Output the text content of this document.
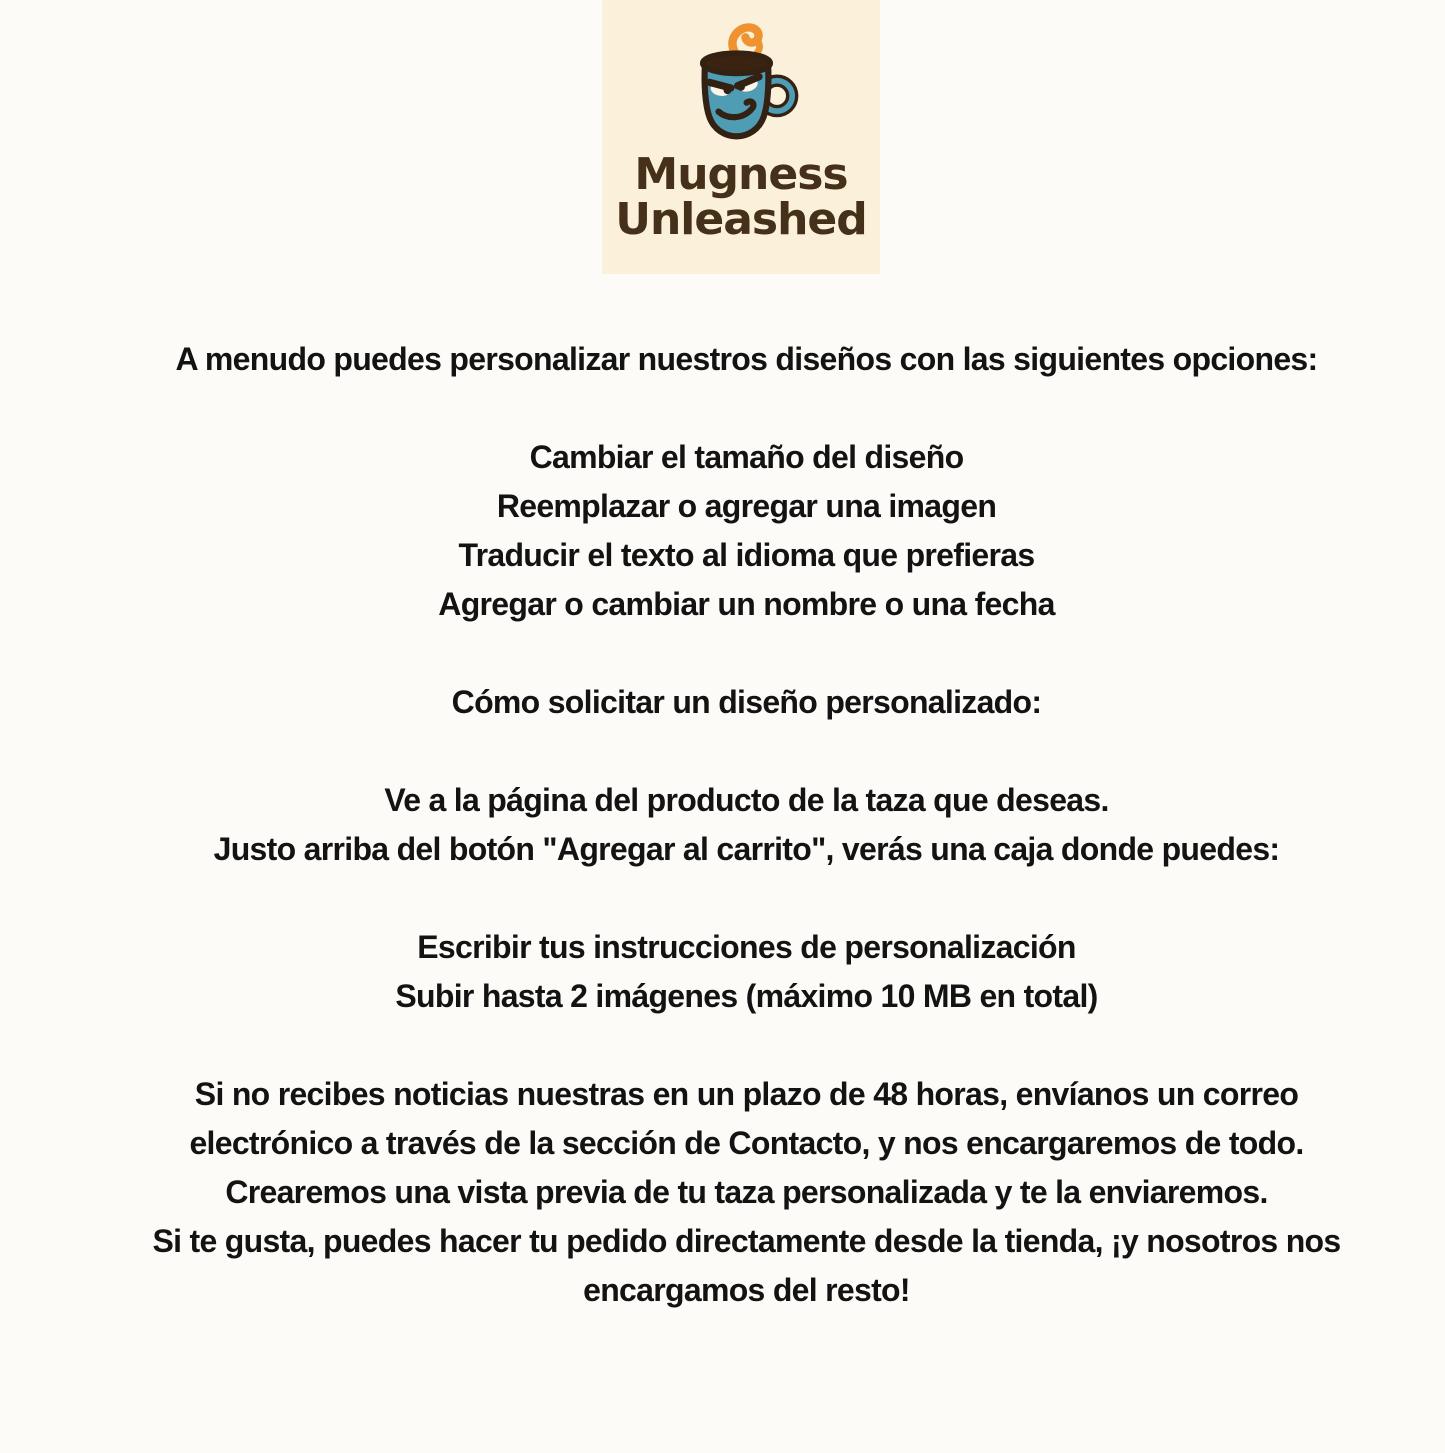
Mugness
Unleashed

A menudo puedes personalizar nuestros diseños con las siguientes opciones:

Cambiar el tamaño del diseño

Reemplazar o agregar una imagen

Traducir el texto al idioma que prefieras

Agregar o cambiar un nombre o una fecha

Cómo solicitar un diseño personalizado:

Ve a la página del producto de la taza que deseas.

Justo arriba del botón "Agregar al carrito", verás una caja donde puedes:

Escribir tus instrucciones de personalización

Subir hasta 2 imágenes (máximo 10 MB en total)

Si no recibes noticias nuestras en un plazo de 48 horas, envíanos un correo

electrónico a través de la sección de Contacto, y nos encargaremos de todo.

Crearemos una vista previa de tu taza personalizada y te la enviaremos.

Si te gusta, puedes hacer tu pedido directamente desde la tienda, ¡y nosotros nos

encargamos del resto!
